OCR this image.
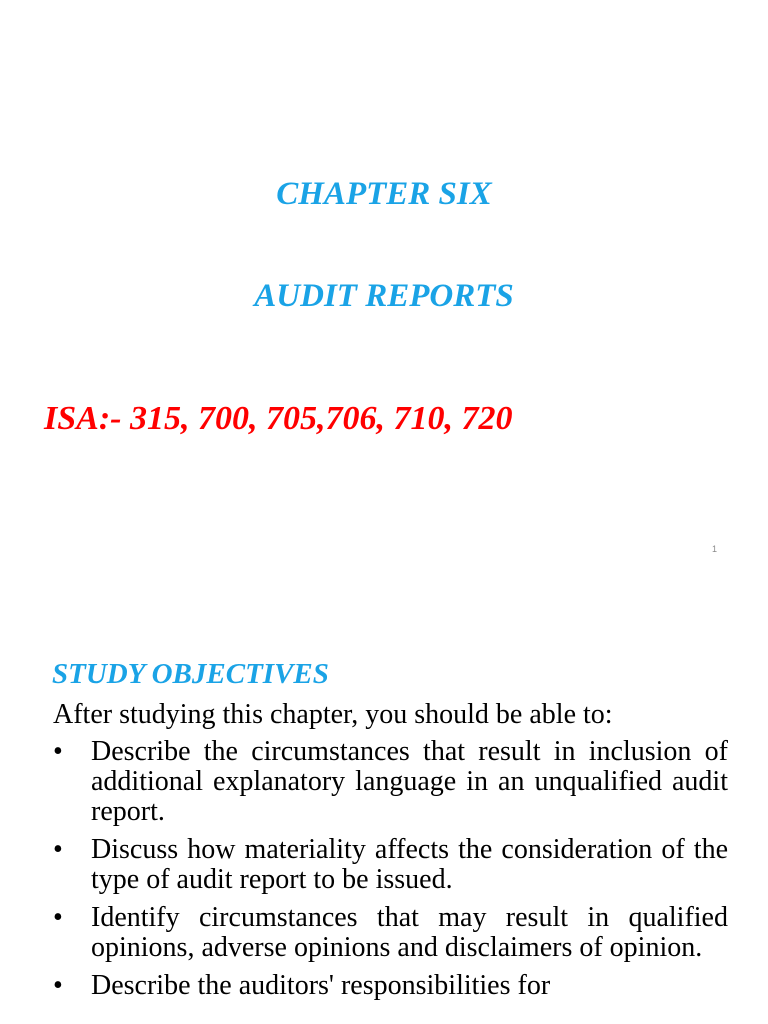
CHAPTER SIX
AUDIT REPORTS
ISA:- 315, 700, 705,706, 710, 720
1
STUDY OBJECTIVES
After studying this chapter, you should be able to:
• Describe the circumstances that result in inclusion of additional explanatory language in an unqualified audit report.
• Discuss how materiality affects the consideration of the type of audit report to be issued.
• Identify circumstances that may result in qualified opinions, adverse opinions and disclaimers of opinion.
• Describe the auditors' responsibilities for
